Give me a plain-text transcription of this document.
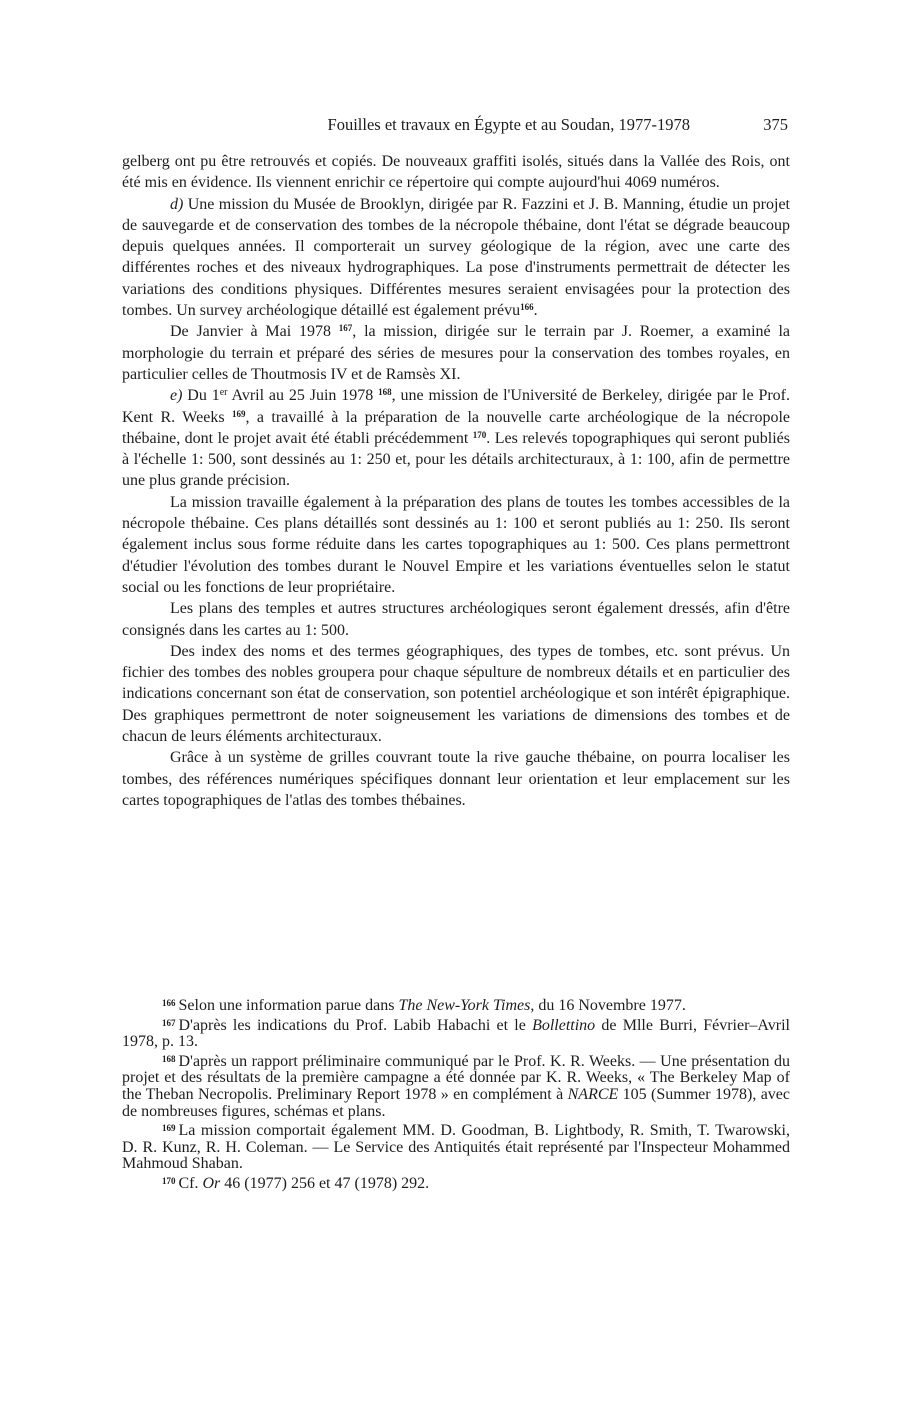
Fouilles et travaux en Égypte et au Soudan, 1977-1978	375

gelberg ont pu être retrouvés et copiés. De nouveaux graffiti isolés, situés dans la Vallée des Rois, ont été mis en évidence. Ils viennent enrichir ce répertoire qui compte aujourd'hui 4069 numéros.

d) Une mission du Musée de Brooklyn, dirigée par R. Fazzini et J. B. Manning, étudie un projet de sauvegarde et de conservation des tombes de la nécropole thébaine, dont l'état se dégrade beaucoup depuis quelques années. Il comporterait un survey géologique de la région, avec une carte des différentes roches et des niveaux hydrographiques. La pose d'instruments permettrait de détecter les variations des conditions physiques. Différentes mesures seraient envisagées pour la protection des tombes. Un survey archéologique détaillé est également prévu$^{166}$.

De Janvier à Mai 1978 $^{167}$, la mission, dirigée sur le terrain par J. Roemer, a examiné la morphologie du terrain et préparé des séries de mesures pour la conservation des tombes royales, en particulier celles de Thoutmosis IV et de Ramsès XI.

e) Du 1er Avril au 25 Juin 1978 $^{168}$, une mission de l'Université de Berkeley, dirigée par le Prof. Kent R. Weeks $^{169}$, a travaillé à la préparation de la nouvelle carte archéologique de la nécropole thébaine, dont le projet avait été établi précédemment $^{170}$. Les relevés topographiques qui seront publiés à l'échelle 1: 500, sont dessinés au 1: 250 et, pour les détails architecturaux, à 1: 100, afin de permettre une plus grande précision.

La mission travaille également à la préparation des plans de toutes les tombes accessibles de la nécropole thébaine. Ces plans détaillés sont dessinés au 1: 100 et seront publiés au 1: 250. Ils seront également inclus sous forme réduite dans les cartes topographiques au 1: 500. Ces plans permettront d'étudier l'évolution des tombes durant le Nouvel Empire et les variations éventuelles selon le statut social ou les fonctions de leur propriétaire.

Les plans des temples et autres structures archéologiques seront également dressés, afin d'être consignés dans les cartes au 1: 500.

Des index des noms et des termes géographiques, des types de tombes, etc. sont prévus. Un fichier des tombes des nobles groupera pour chaque sépulture de nombreux détails et en particulier des indications concernant son état de conservation, son potentiel archéologique et son intérêt épigraphique. Des graphiques permettront de noter soigneusement les variations de dimensions des tombes et de chacun de leurs éléments architecturaux.

Grâce à un système de grilles couvrant toute la rive gauche thébaine, on pourra localiser les tombes, des références numériques spécifiques donnant leur orientation et leur emplacement sur les cartes topographiques de l'atlas des tombes thébaines.

$^{166}$ Selon une information parue dans The New-York Times, du 16 Novembre 1977.

$^{167}$ D'après les indications du Prof. Labib Habachi et le Bollettino de Mlle Burri, Février–Avril 1978, p. 13.

$^{168}$ D'après un rapport préliminaire communiqué par le Prof. K. R. Weeks. — Une présentation du projet et des résultats de la première campagne a été donnée par K. R. Weeks, « The Berkeley Map of the Theban Necropolis. Preliminary Report 1978 » en complément à NARCE 105 (Summer 1978), avec de nombreuses figures, schémas et plans.

$^{169}$ La mission comportait également MM. D. Goodman, B. Lightbody, R. Smith, T. Twarowski, D. R. Kunz, R. H. Coleman. — Le Service des Antiquités était représenté par l'Inspecteur Mohammed Mahmoud Shaban.

$^{170}$ Cf. Or 46 (1977) 256 et 47 (1978) 292.
